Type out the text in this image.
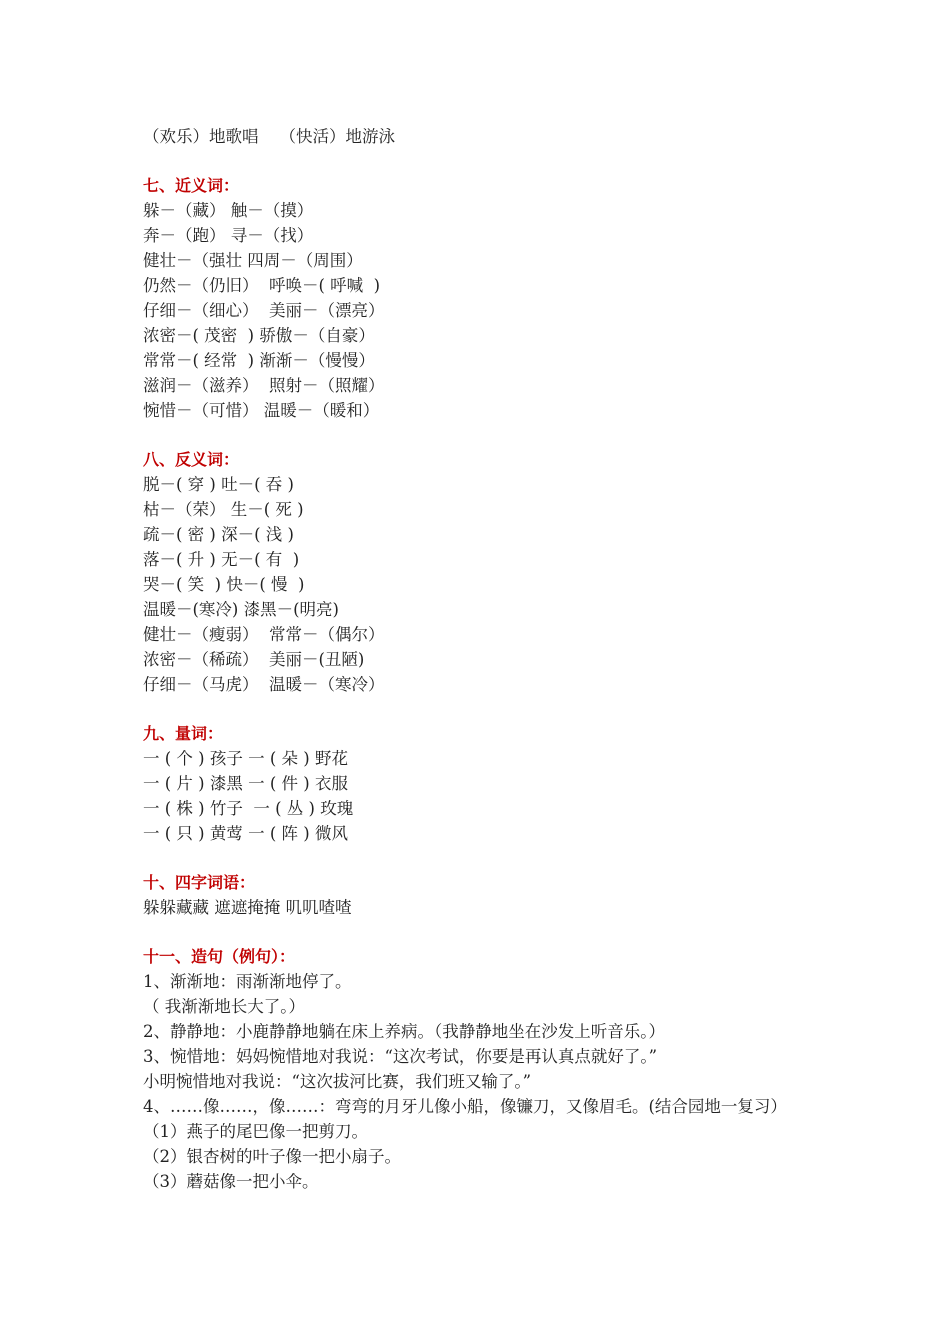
（欢乐）地歌唱    （快活）地游泳
七、近义词：
躲－（藏） 触－（摸）
奔－（跑） 寻－（找）
健壮－（强壮 四周－（周围）
仍然－（仍旧）  呼唤－( 呼喊  )
仔细－（细心）  美丽－（漂亮）
浓密－( 茂密  ) 骄傲－（自豪）
常常－( 经常  ) 渐渐－（慢慢）
滋润－（滋养）  照射－（照耀）
惋惜－（可惜） 温暖－（暖和）
八、反义词：
脱－( 穿 ) 吐－( 吞 )
枯－（荣） 生－( 死 )
疏－( 密 ) 深－( 浅 )
落－( 升 ) 无－( 有  )
哭－( 笑  ) 快－( 慢  )
温暖－(寒冷) 漆黑－(明亮)
健壮－（瘦弱）  常常－（偶尔）
浓密－（稀疏）  美丽－(丑陋)
仔细－（马虎）  温暖－（寒冷）
九、量词：
一 ( 个 ) 孩子 一 ( 朵 ) 野花
一 ( 片 ) 漆黑 一 ( 件 ) 衣服
一 ( 株 ) 竹子  一 ( 丛 ) 玫瑰
一 ( 只 ) 黄莺 一 ( 阵 ) 微风
十、四字词语：
躲躲藏藏 遮遮掩掩 叽叽喳喳
十一、造句（例句）：
1、渐渐地：雨渐渐地停了。
（ 我渐渐地长大了。）
2、静静地：小鹿静静地躺在床上养病。（我静静地坐在沙发上听音乐。）
3、惋惜地：妈妈惋惜地对我说：“这次考试，你要是再认真点就好了。”
小明惋惜地对我说：“这次拔河比赛，我们班又输了。”
4、……像……，像……：弯弯的月牙儿像小船，像镰刀，又像眉毛。(结合园地一复习）
（1）燕子的尾巴像一把剪刀。
（2）银杏树的叶子像一把小扇子。
（3）蘑菇像一把小伞。
